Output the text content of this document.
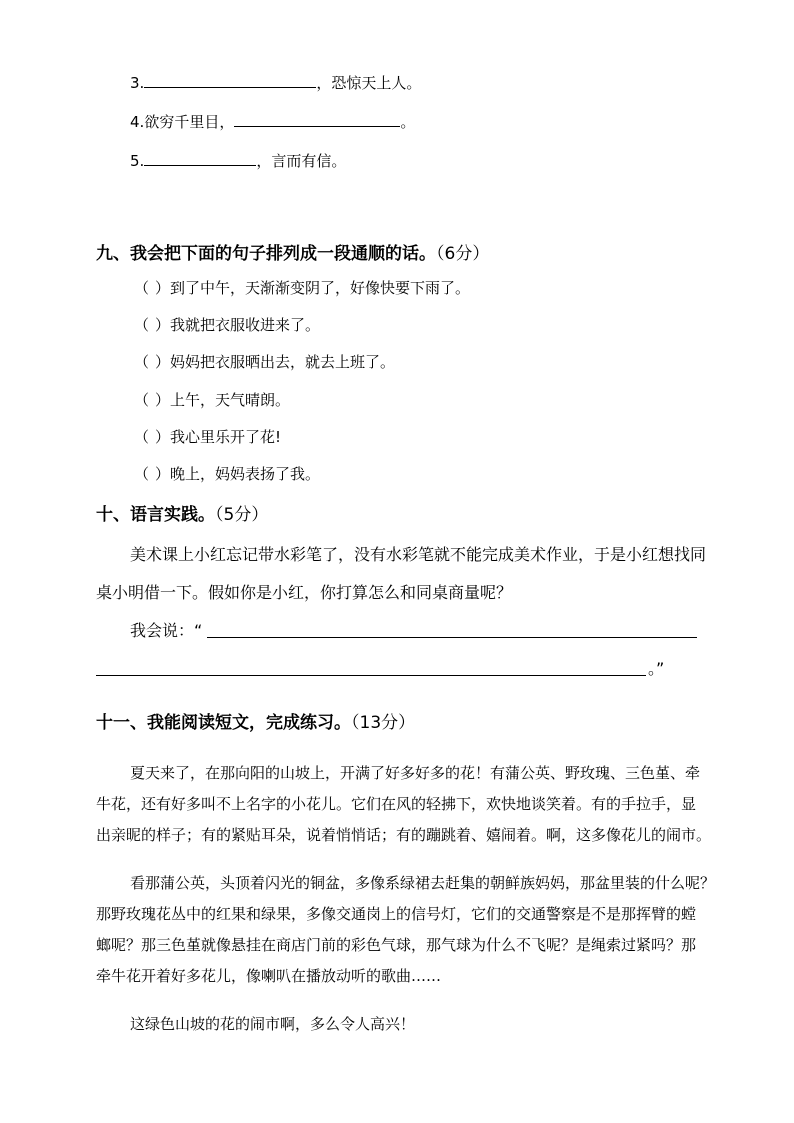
3.	，恐惊天上人。
4.欲穷千里目，	。
5.	，言而有信。
九、我会把下面的句子排列成一段通顺的话。（6分）
（ ）到了中午，天渐渐变阴了，好像快要下雨了。
（ ）我就把衣服收进来了。
（ ）妈妈把衣服晒出去，就去上班了。
（ ）上午，天气晴朗。
（ ）我心里乐开了花!
（ ）晚上，妈妈表扬了我。
十、语言实践。（5分）
美术课上小红忘记带水彩笔了，没有水彩笔就不能完成美术作业，于是小红想找同
桌小明借一下。假如你是小红，你打算怎么和同桌商量呢？
我会说：“
。”
十一、我能阅读短文，完成练习。（13分）
夏天来了，在那向阳的山坡上，开满了好多好多的花！有蒲公英、野玫瑰、三色堇、牵
牛花，还有好多叫不上名字的小花儿。它们在风的轻拂下，欢快地谈笑着。有的手拉手，显
出亲昵的样子；有的紧贴耳朵，说着悄悄话；有的蹦跳着、嬉闹着。啊，这多像花儿的闹市。
看那蒲公英，头顶着闪光的铜盆，多像系绿裙去赶集的朝鲜族妈妈，那盆里装的什么呢？
那野玫瑰花丛中的红果和绿果，多像交通岗上的信号灯，它们的交通警察是不是那挥臂的螳
螂呢？那三色堇就像悬挂在商店门前的彩色气球，那气球为什么不飞呢？是绳索过紧吗？那
牵牛花开着好多花儿，像喇叭在播放动听的歌曲……
这绿色山坡的花的闹市啊，多么令人高兴！
